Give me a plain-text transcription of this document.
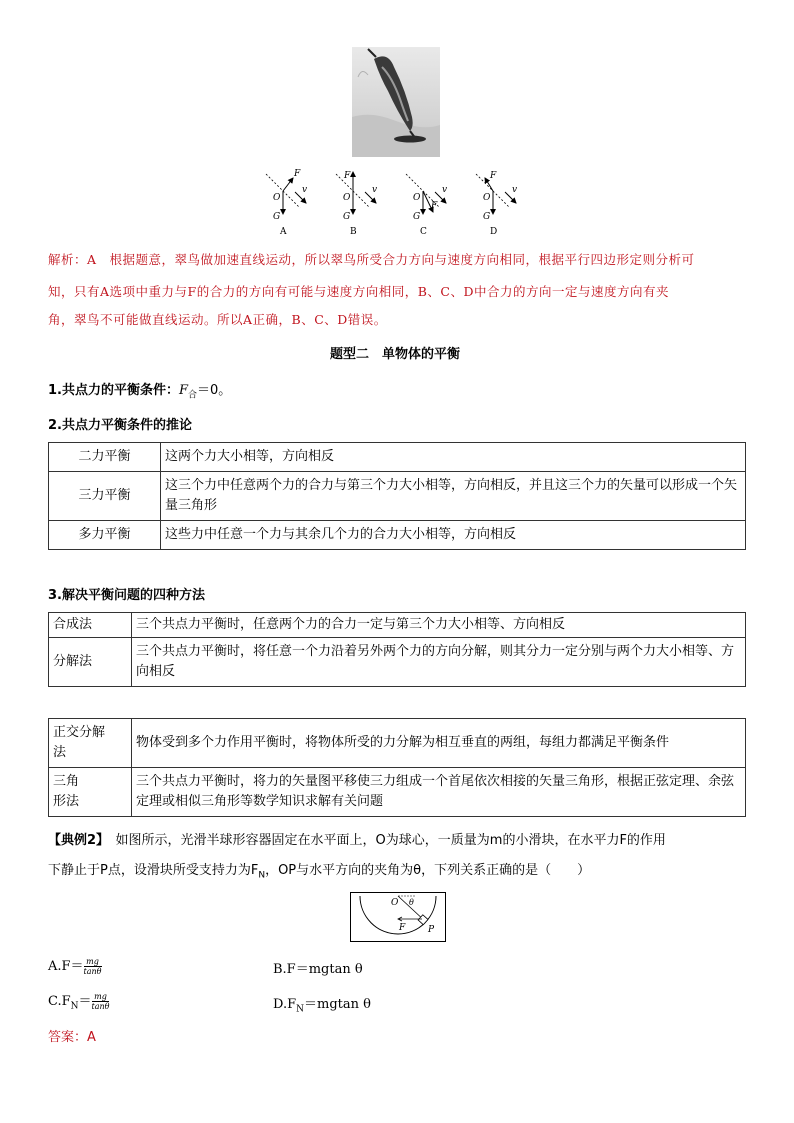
F
v
O
G
A
F
v
O
G
B
F
v
O
G
C
F
v
O
G
D
解析：A　根据题意，翠鸟做加速直线运动，所以翠鸟所受合力方向与速度方向相同，根据平行四边形定则分析可
知，只有A选项中重力与F的合力的方向有可能与速度方向相同，B、C、D中合力的方向一定与速度方向有夹
角，翠鸟不可能做直线运动。所以A正确，B、C、D错误。
题型二　单物体的平衡
1.共点力的平衡条件：$F_合=0$。
2.共点力平衡条件的推论
二力平衡	这两个力大小相等，方向相反
三力平衡	这三个力中任意两个力的合力与第三个力大小相等，方向相反，并且这三个力的矢量可以形成一个矢量三角形
多力平衡	这些力中任意一个力与其余几个力的合力大小相等，方向相反
3.解决平衡问题的四种方法
合成法	三个共点力平衡时，任意两个力的合力一定与第三个力大小相等、方向相反
分解法	三个共点力平衡时，将任意一个力沿着另外两个力的方向分解，则其分力一定分别与两个力大小相等、方向相反
正交分解法	物体受到多个力作用平衡时，将物体所受的力分解为相互垂直的两组，每组力都满足平衡条件

三角形法	三个共点力平衡时，将力的矢量图平移使三力组成一个首尾依次相接的矢量三角形，根据正弦定理、余弦定理或相似三角形等数学知识求解有关问题
【典例2】　如图所示，光滑半球形容器固定在水平面上，O为球心，一质量为m的小滑块，在水平力F的作用
下静止于P点，设滑块所受支持力为$F_N$，OP与水平方向的夹角为θ，下列关系正确的是（　　）
O θ
F	P
$A.F= \frac{mg}{\tan\theta}$	B.F＝mgtan θ
$C.F_N= \frac{mg}{\tan\theta}$	$D.F_N=mgtan$ θ
答案：A
